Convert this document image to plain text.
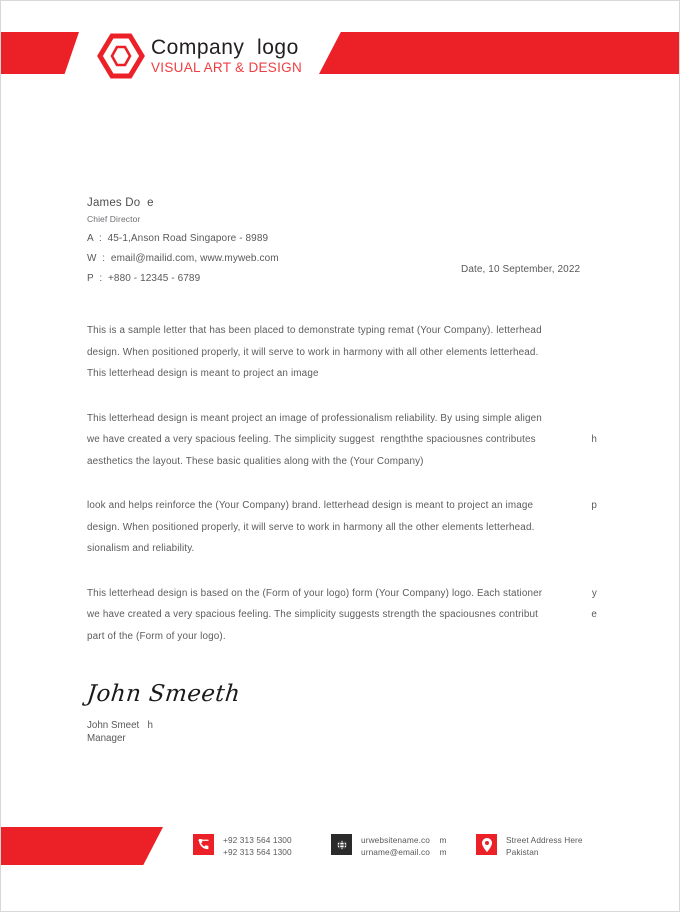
Company  logo
VISUAL ART & DESIGN
James Do  e
Chief Director
A  :  45-1,Anson Road Singapore - 8989
W  :  email@mailid.com, www.myweb.com
P  :  +880 - 12345 - 6789
Date, 10 September, 2022
This is a sample letter that has been placed to demonstrate typing remat (Your Company). letterhead
design. When positioned properly, it will serve to work in harmony with all other elements letterhead.
This letterhead design is meant to project an image
This letterhead design is meant project an image of professionalism reliability. By using simple aligen
we have created a very spacious feeling. The simplicity suggest  rengththe spaciousnes contributes	h
aesthetics the layout. These basic qualities along with the (Your Company)
look and helps reinforce the (Your Company) brand. letterhead design is meant to project an image	p
design. When positioned properly, it will serve to work in harmony all the other elements letterhead.
sionalism and reliability.
This letterhead design is based on the (Form of your logo) form (Your Company) logo. Each stationer	y
we have created a very spacious feeling. The simplicity suggests strength the spaciousnes contribut	e
part of the (Form of your logo).
John Smeeth
John Smeet   h
Manager
+92 313 564 1300
+92 313 564 1300
urwebsitename.co    m
urname@email.co    m
Street Address Here
Pakistan
